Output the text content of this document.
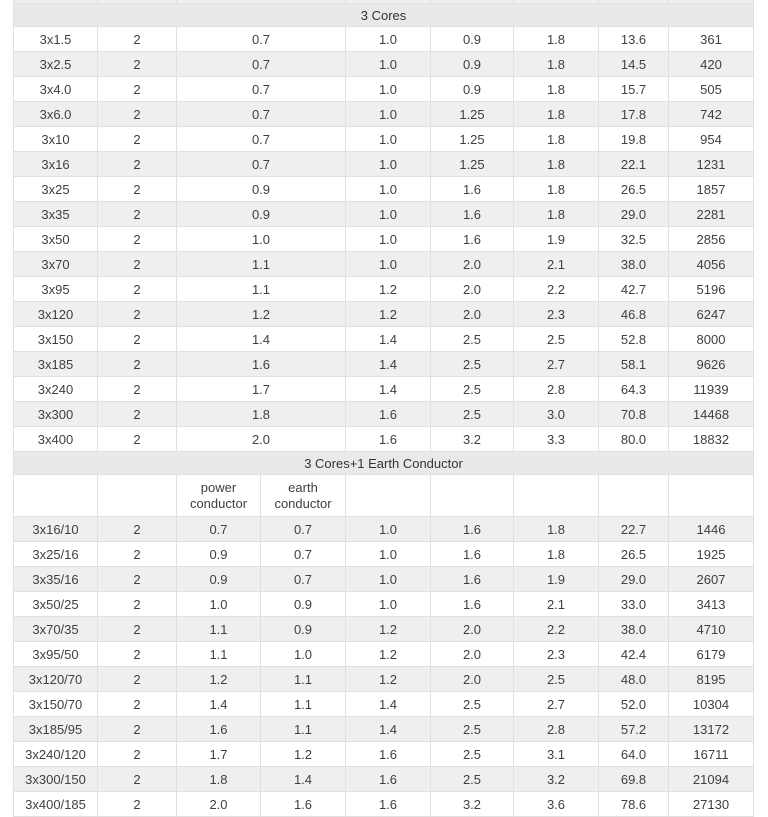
3 Cores								
3x1.5	2	0.7		1.0	0.9	1.8	13.6	361
3x2.5	2	0.7		1.0	0.9	1.8	14.5	420
3x4.0	2	0.7		1.0	0.9	1.8	15.7	505
3x6.0	2	0.7		1.0	1.25	1.8	17.8	742
3x10	2	0.7		1.0	1.25	1.8	19.8	954
3x16	2	0.7		1.0	1.25	1.8	22.1	1231
3x25	2	0.9		1.0	1.6	1.8	26.5	1857
3x35	2	0.9		1.0	1.6	1.8	29.0	2281
3x50	2	1.0		1.0	1.6	1.9	32.5	2856
3x70	2	1.1		1.0	2.0	2.1	38.0	4056
3x95	2	1.1		1.2	2.0	2.2	42.7	5196
3x120	2	1.2		1.2	2.0	2.3	46.8	6247
3x150	2	1.4		1.4	2.5	2.5	52.8	8000
3x185	2	1.6		1.4	2.5	2.7	58.1	9626
3x240	2	1.7		1.4	2.5	2.8	64.3	11939
3x300	2	1.8		1.6	2.5	3.0	70.8	14468
3x400	2	2.0		1.6	3.2	3.3	80.0	18832
3 Cores+1 Earth Conductor								
		power conductor	earth conductor					
3x16/10	2	0.7	0.7	1.0	1.6	1.8	22.7	1446
3x25/16	2	0.9	0.7	1.0	1.6	1.8	26.5	1925
3x35/16	2	0.9	0.7	1.0	1.6	1.9	29.0	2607
3x50/25	2	1.0	0.9	1.0	1.6	2.1	33.0	3413
3x70/35	2	1.1	0.9	1.2	2.0	2.2	38.0	4710
3x95/50	2	1.1	1.0	1.2	2.0	2.3	42.4	6179
3x120/70	2	1.2	1.1	1.2	2.0	2.5	48.0	8195
3x150/70	2	1.4	1.1	1.4	2.5	2.7	52.0	10304
3x185/95	2	1.6	1.1	1.4	2.5	2.8	57.2	13172
3x240/120	2	1.7	1.2	1.6	2.5	3.1	64.0	16711
3x300/150	2	1.8	1.4	1.6	2.5	3.2	69.8	21094
3x400/185	2	2.0	1.6	1.6	3.2	3.6	78.6	27130
